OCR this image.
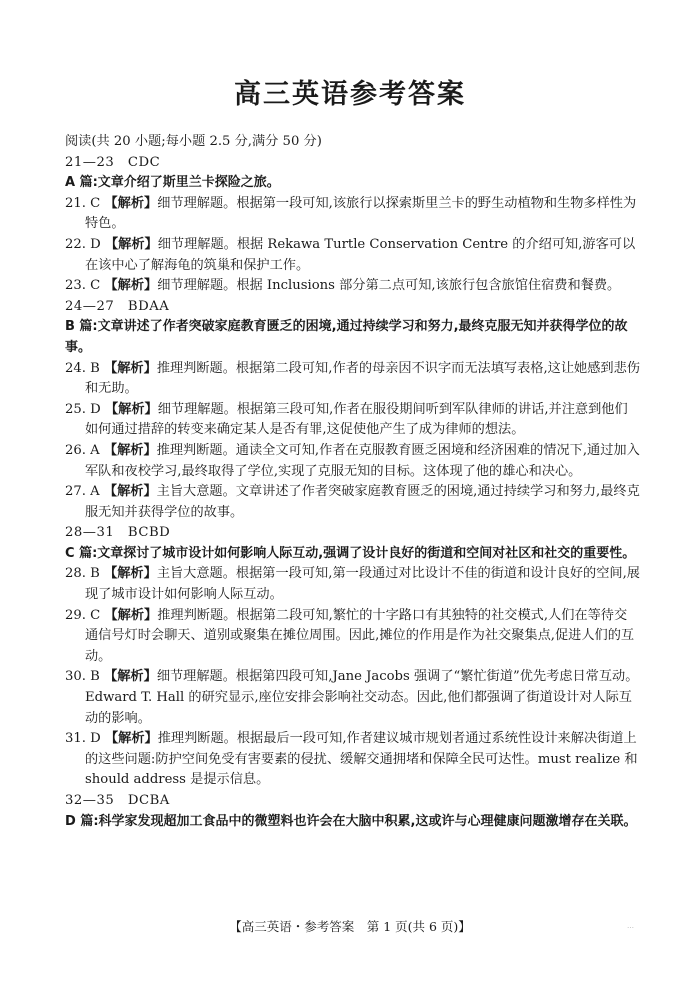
高三英语参考答案

阅读(共 20 小题;每小题 2.5 分,满分 50 分)

21—23　CDC

A 篇:文章介绍了斯里兰卡探险之旅。

21. C 【解析】细节理解题。根据第一段可知,该旅行以探索斯里兰卡的野生动植物和生物多样性为特色。

22. D 【解析】细节理解题。根据 Rekawa Turtle Conservation Centre 的介绍可知,游客可以在该中心了解海龟的筑巢和保护工作。

23. C 【解析】细节理解题。根据 Inclusions 部分第二点可知,该旅行包含旅馆住宿费和餐费。

24—27　BDAA

B 篇:文章讲述了作者突破家庭教育匮乏的困境,通过持续学习和努力,最终克服无知并获得学位的故事。

24. B 【解析】推理判断题。根据第二段可知,作者的母亲因不识字而无法填写表格,这让她感到悲伤和无助。

25. D 【解析】细节理解题。根据第三段可知,作者在服役期间听到军队律师的讲话,并注意到他们如何通过措辞的转变来确定某人是否有罪,这促使他产生了成为律师的想法。

26. A 【解析】推理判断题。通读全文可知,作者在克服教育匮乏困境和经济困难的情况下,通过加入军队和夜校学习,最终取得了学位,实现了克服无知的目标。这体现了他的雄心和决心。

27. A 【解析】主旨大意题。文章讲述了作者突破家庭教育匮乏的困境,通过持续学习和努力,最终克服无知并获得学位的故事。

28—31　BCBD

C 篇:文章探讨了城市设计如何影响人际互动,强调了设计良好的街道和空间对社区和社交的重要性。

28. B 【解析】主旨大意题。根据第一段可知,第一段通过对比设计不佳的街道和设计良好的空间,展现了城市设计如何影响人际互动。

29. C 【解析】推理判断题。根据第二段可知,繁忙的十字路口有其独特的社交模式,人们在等待交通信号灯时会聊天、道别或聚集在摊位周围。因此,摊位的作用是作为社交聚集点,促进人们的互动。

30. B 【解析】细节理解题。根据第四段可知,Jane Jacobs 强调了“繁忙街道”优先考虑日常互动。Edward T. Hall 的研究显示,座位安排会影响社交动态。因此,他们都强调了街道设计对人际互动的影响。

31. D 【解析】推理判断题。根据最后一段可知,作者建议城市规划者通过系统性设计来解决街道上的这些问题:防护空间免受有害要素的侵扰、缓解交通拥堵和保障全民可达性。must realize 和 should address 是提示信息。

32—35　DCBA

D 篇:科学家发现超加工食品中的微塑料也许会在大脑中积累,这或许与心理健康问题激增存在关联。

【高三英语・参考答案　第 1 页(共 6 页)】	…
